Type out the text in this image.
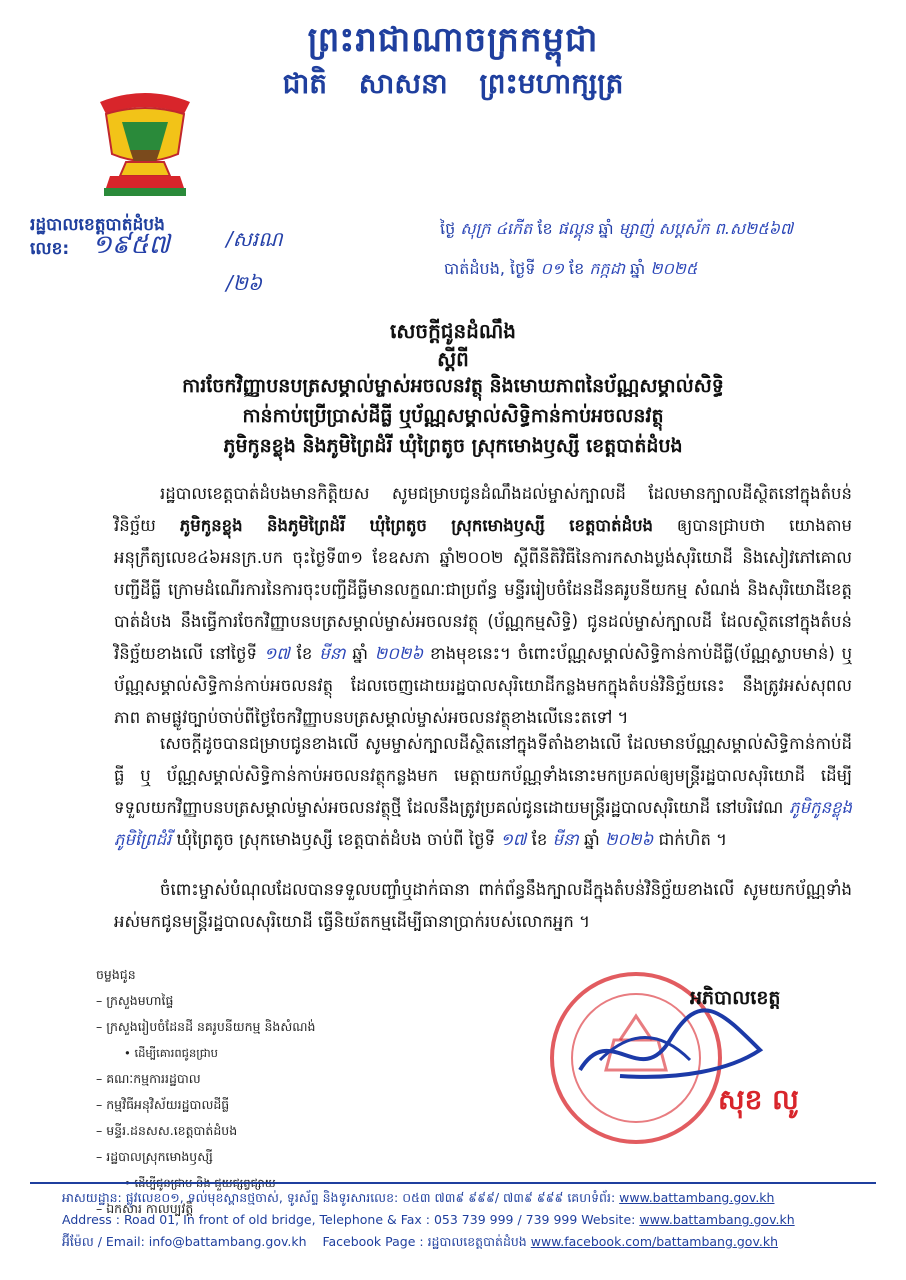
ព្រះរាជាណាចក្រកម្ពុជា
ជាតិ សាសនា ព្រះមហាក្សត្រ
រដ្ឋបាលខេត្តបាត់ដំបង
លេខ: ១៩៥៧	/សរណ
/២៦
ថ្ងៃ សុក្រ ៤កើត ខែ ផល្គុន ឆ្នាំ ម្សាញ់ សប្តស័ក ព.ស២៥៦៧
បាត់ដំបង, ថ្ងៃទី ០១ ខែ កក្កដា ឆ្នាំ ២០២៥
សេចក្តីជូនដំណឹង
ស្តីពី
ការចែកវិញ្ញាបនបត្រសម្គាល់ម្ចាស់អចលនវត្ថុ និងមោឃភាពនៃប័ណ្ណសម្គាល់សិទ្ធិ
កាន់កាប់ប្រើប្រាស់ដីធ្លី ឬប័ណ្ណសម្គាល់សិទ្ធិកាន់កាប់អចលនវត្ថុ
ភូមិកូនខ្លុង និងភូមិព្រៃដំរី ឃុំព្រៃតូច ស្រុកមោងឫស្សី ខេត្តបាត់ដំបង
រដ្ឋបាលខេត្តបាត់ដំបងមានកិត្តិយស សូមជម្រាបជូនដំណឹងដល់ម្ចាស់ក្បាលដី ដែលមានក្បាលដីស្ថិតនៅក្នុងតំបន់វិនិច្ឆ័យ ភូមិកូនខ្លុង និងភូមិព្រៃដំរី ឃុំព្រៃតូច ស្រុកមោងឫស្សី ខេត្តបាត់ដំបង ឲ្យបានជ្រាបថា យោងតាមអនុក្រឹត្យលេខ៤៦អនក្រ.បក ចុះថ្ងៃទី៣១ ខែឧសភា ឆ្នាំ២០០២ ស្តីពីនីតិវិធីនៃការកសាងប្លង់សុរិយោដី និងសៀវភៅគោលបញ្ជីដីធ្លី ក្រោមដំណើរការនៃការចុះបញ្ជីដីធ្លីមានលក្ខណៈជាប្រព័ន្ធ មន្ទីររៀបចំដែនដីនគរូបនីយកម្ម សំណង់ និងសុរិយោដីខេត្តបាត់ដំបង នឹងធ្វើការចែកវិញ្ញាបនបត្រសម្គាល់ម្ចាស់អចលនវត្ថុ (ប័ណ្ណកម្មសិទ្ធិ) ជូនដល់ម្ចាស់ក្បាលដី ដែលស្ថិតនៅក្នុងតំបន់វិនិច្ឆ័យខាងលើ នៅថ្ងៃទី ១៧ ខែ មីនា ឆ្នាំ ២០២៦ ខាងមុខនេះ។ ចំពោះប័ណ្ណសម្គាល់សិទ្ធិកាន់កាប់ដីធ្លី(ប័ណ្ណស្លាបមាន់) ឬ ប័ណ្ណសម្គាល់សិទ្ធិកាន់កាប់អចលនវត្ថុ ដែលចេញដោយរដ្ឋបាលសុរិយោដីកន្លងមកក្នុងតំបន់វិនិច្ឆ័យនេះ នឹងត្រូវអស់សុពលភាព តាមផ្លូវច្បាប់ចាប់ពីថ្ងៃចែកវិញ្ញាបនបត្រសម្គាល់ម្ចាស់អចលនវត្ថុខាងលើនេះតទៅ ។
សេចក្តីដូចបានជម្រាបជូនខាងលើ សូមម្ចាស់ក្បាលដីស្ថិតនៅក្នុងទីតាំងខាងលើ ដែលមានប័ណ្ណសម្គាល់សិទ្ធិកាន់កាប់ដីធ្លី ឬ ប័ណ្ណសម្គាល់សិទ្ធិកាន់កាប់អចលនវត្ថុកន្លងមក មេត្តាយកប័ណ្ណទាំងនោះមកប្រគល់ឲ្យមន្ត្រីរដ្ឋបាលសុរិយោដី ដើម្បីទទួលយកវិញ្ញាបនបត្រសម្គាល់ម្ចាស់អចលនវត្ថុថ្មី ដែលនឹងត្រូវប្រគល់ជូនដោយមន្ត្រីរដ្ឋបាលសុរិយោដី នៅបរិវេណ ភូមិកូនខ្លុង ភូមិព្រៃដំរី ឃុំព្រៃតូច ស្រុកមោងឫស្សី ខេត្តបាត់ដំបង ចាប់ពី ថ្ងៃទី ១៧ ខែ មីនា ឆ្នាំ ២០២៦ ជាក់ហិត ។
ចំពោះម្ចាស់បំណុលដែលបានទទួលបញ្ចាំឬដាក់ធានា ពាក់ព័ន្ធនឹងក្បាលដីក្នុងតំបន់វិនិច្ឆ័យខាងលើ សូមយកប័ណ្ណទាំងអស់មកជូនមន្ត្រីរដ្ឋបាលសុរិយោដី ធ្វើនិយ័តកម្មដើម្បីធានាប្រាក់របស់លោកអ្នក ។
ចម្លងជូន
– ក្រសួងមហាផ្ទៃ
– ក្រសួងរៀបចំដែនដី នគរូបនីយកម្ម និងសំណង់
• ដើម្បីគោរពជូនជ្រាប
– គណៈកម្មការរដ្ឋបាល
– កម្មវិធីអនុវិស័យរដ្ឋបាលដីធ្លី
– មន្ទីរ.ដនសស.ខេត្តបាត់ដំបង
– រដ្ឋបាលស្រុកមោងឫស្សី
– ឯកសារ កាលប្បវត្តិ
អភិបាលខេត្ត
សុខ លូ
អាសយដ្ឋាន: ផ្លូវលេខ០១, ទល់មុខស្ពានថ្មចាស់, ទូរស័ព្ទ និងទូរសារលេខ: ០៥៣ ៧៣៩ ៩៩៩/ ៧៣៩ ៩៩៩ គេហទំព័រ: www.battambang.gov.kh
Address : Road 01, In front of old bridge, Telephone & Fax : 053 739 999 / 739 999 Website: www.battambang.gov.kh
អ៊ីម៉ែល / Email: info@battambang.gov.kh Facebook Page : រដ្ឋបាលខេត្តបាត់ដំបង www.facebook.com/battambang.gov.kh
